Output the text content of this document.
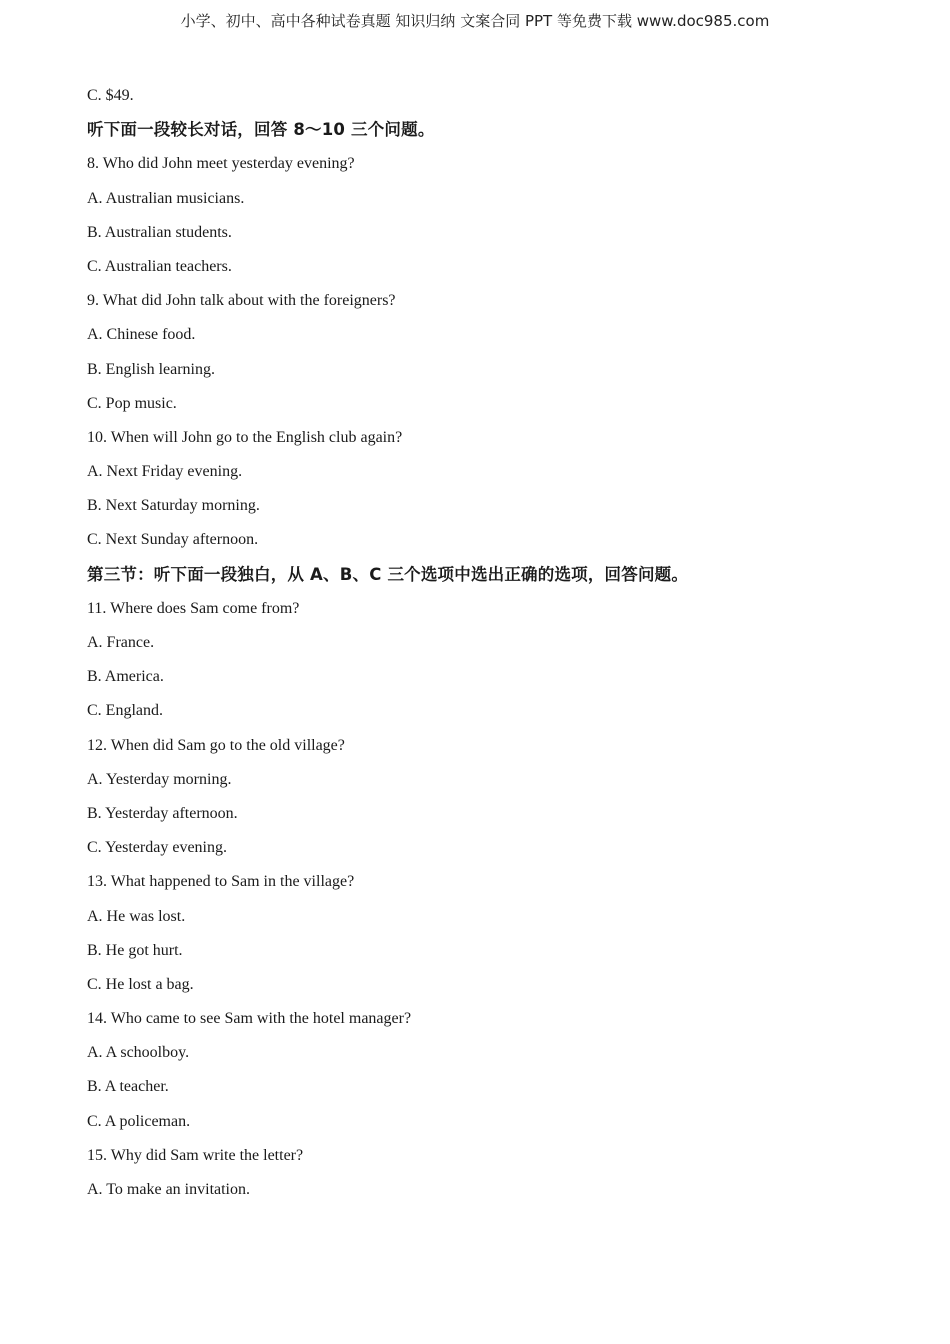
小学、初中、高中各种试卷真题 知识归纳 文案合同 PPT 等免费下载 www.doc985.com
C. $49.
听下面一段较长对话，回答 8～10 三个问题。
8. Who did John meet yesterday evening?
A. Australian musicians.
B. Australian students.
C. Australian teachers.
9. What did John talk about with the foreigners?
A. Chinese food.
B. English learning.
C. Pop music.
10. When will John go to the English club again?
A. Next Friday evening.
B. Next Saturday morning.
C. Next Sunday afternoon.
第三节：听下面一段独白，从 A、B、C 三个选项中选出正确的选项，回答问题。
11. Where does Sam come from?
A. France.
B. America.
C. England.
12. When did Sam go to the old village?
A. Yesterday morning.
B. Yesterday afternoon.
C. Yesterday evening.
13. What happened to Sam in the village?
A. He was lost.
B. He got hurt.
C. He lost a bag.
14. Who came to see Sam with the hotel manager?
A. A schoolboy.
B. A teacher.
C. A policeman.
15. Why did Sam write the letter?
A. To make an invitation.
